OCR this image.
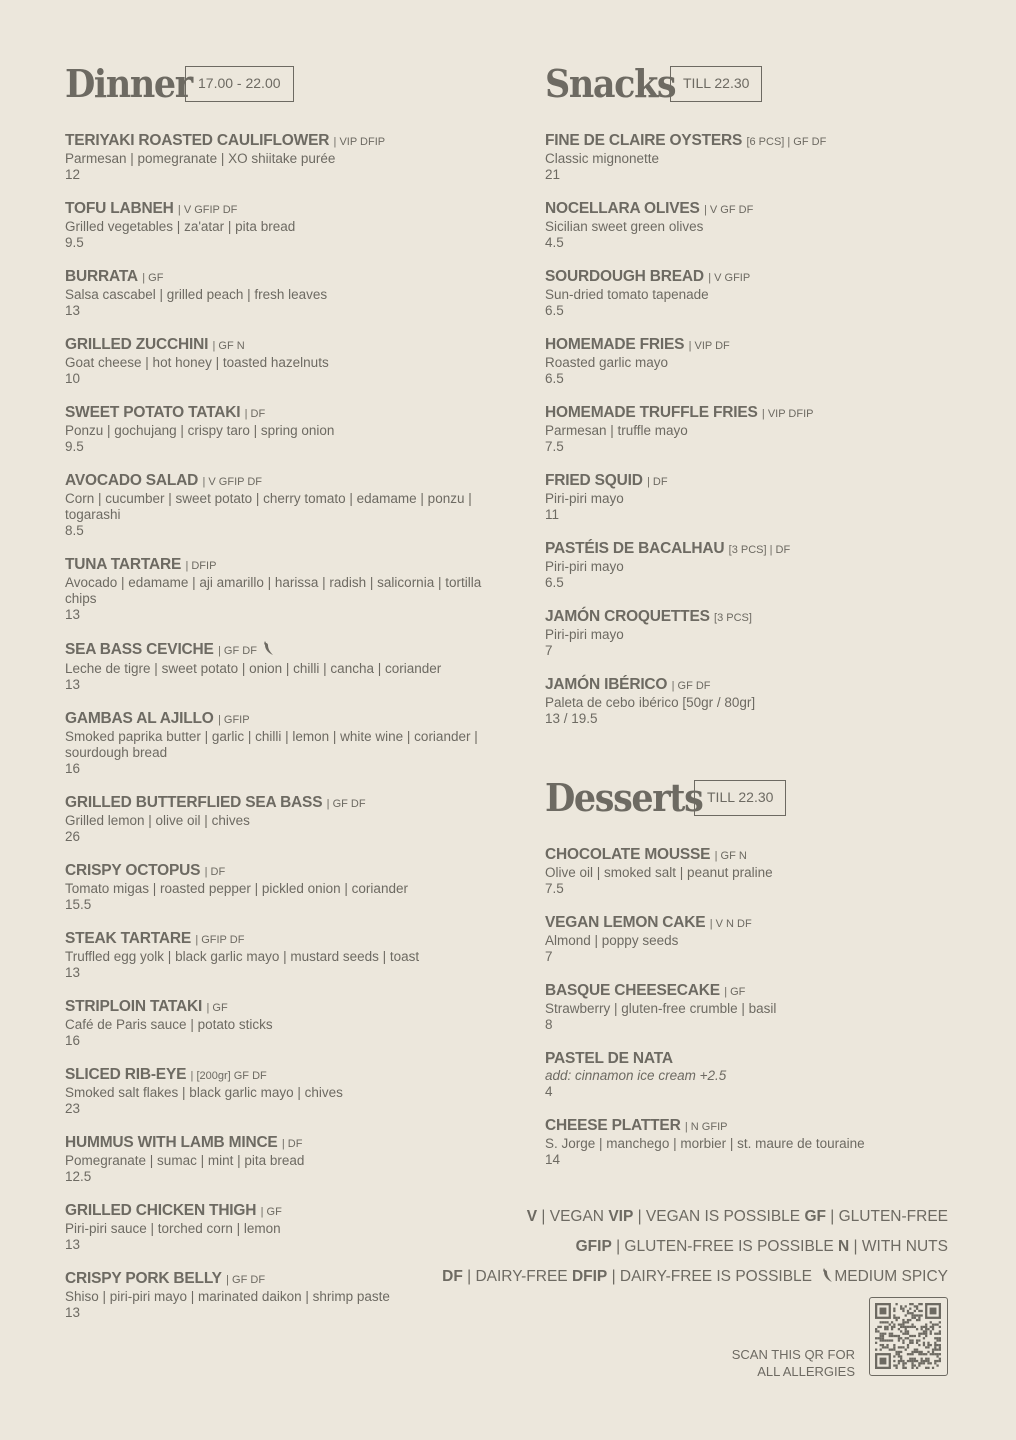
Dinner 17.00 - 22.00
TERIYAKI ROASTED CAULIFLOWER | VIP DFIP
Parmesan | pomegranate | XO shiitake purée
12
TOFU LABNEH | V GFIP DF
Grilled vegetables | za'atar | pita bread
9.5
BURRATA | GF
Salsa cascabel | grilled peach | fresh leaves
13
GRILLED ZUCCHINI | GF N
Goat cheese | hot honey | toasted hazelnuts
10
SWEET POTATO TATAKI | DF
Ponzu | gochujang | crispy taro | spring onion
9.5
AVOCADO SALAD | V GFIP DF
Corn | cucumber | sweet potato | cherry tomato | edamame | ponzu | togarashi
8.5
TUNA TARTARE | DFIP
Avocado | edamame | aji amarillo | harissa | radish | salicornia | tortilla chips
13
SEA BASS CEVICHE | GF DF
Leche de tigre | sweet potato | onion | chilli | cancha | coriander
13
GAMBAS AL AJILLO | GFIP
Smoked paprika butter | garlic | chilli | lemon | white wine | coriander | sourdough bread
16
GRILLED BUTTERFLIED SEA BASS | GF DF
Grilled lemon | olive oil | chives
26
CRISPY OCTOPUS | DF
Tomato migas | roasted pepper | pickled onion | coriander
15.5
STEAK TARTARE | GFIP DF
Truffled egg yolk | black garlic mayo | mustard seeds | toast
13
STRIPLOIN TATAKI | GF
Café de Paris sauce | potato sticks
16
SLICED RIB-EYE | [200gr] GF DF
Smoked salt flakes | black garlic mayo | chives
23
HUMMUS WITH LAMB MINCE | DF
Pomegranate | sumac | mint | pita bread
12.5
GRILLED CHICKEN THIGH | GF
Piri-piri sauce | torched corn | lemon
13
CRISPY PORK BELLY | GF DF
Shiso | piri-piri mayo | marinated daikon | shrimp paste
13
Snacks TILL 22.30
FINE DE CLAIRE OYSTERS [6 PCS] | GF DF
Classic mignonette
21
NOCELLARA OLIVES | V GF DF
Sicilian sweet green olives
4.5
SOURDOUGH BREAD | V GFIP
Sun-dried tomato tapenade
6.5
HOMEMADE FRIES | VIP DF
Roasted garlic mayo
6.5
HOMEMADE TRUFFLE FRIES | VIP DFIP
Parmesan | truffle mayo
7.5
FRIED SQUID | DF
Piri-piri mayo
11
PASTÉIS DE BACALHAU [3 PCS] | DF
Piri-piri mayo
6.5
JAMÓN CROQUETTES [3 PCS]
Piri-piri mayo
7
JAMÓN IBÉRICO | GF DF
Paleta de cebo ibérico [50gr / 80gr]
13 / 19.5
Desserts TILL 22.30
CHOCOLATE MOUSSE | GF N
Olive oil | smoked salt | peanut praline
7.5
VEGAN LEMON CAKE | V N DF
Almond | poppy seeds
7
BASQUE CHEESECAKE | GF
Strawberry | gluten-free crumble | basil
8
PASTEL DE NATA
add: cinnamon ice cream +2.5
4
CHEESE PLATTER | N GFIP
S. Jorge | manchego | morbier | st. maure de touraine
14
V | VEGAN VIP | VEGAN IS POSSIBLE GF | GLUTEN-FREE
GFIP | GLUTEN-FREE IS POSSIBLE N | WITH NUTS
DF | DAIRY-FREE DFIP | DAIRY-FREE IS POSSIBLE MEDIUM SPICY
SCAN THIS QR FOR
ALL ALLERGIES
